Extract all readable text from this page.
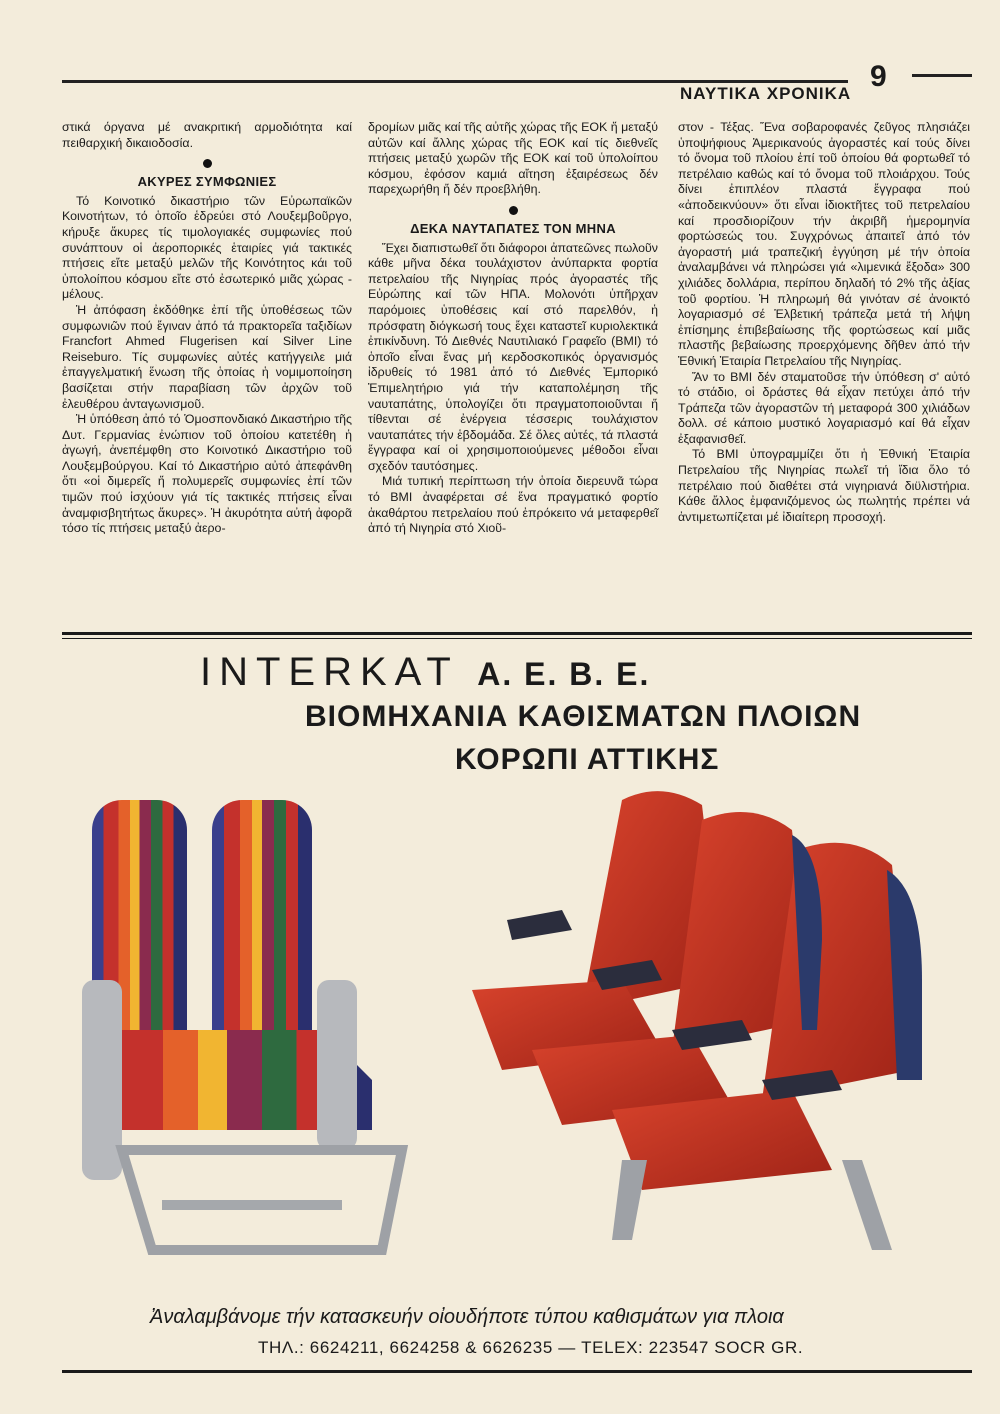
9
ΝΑΥΤΙΚΑ ΧΡΟΝΙΚΑ

στικά όργανα μέ ανακριτική αρμοδιότητα καί πειθαρχική δικαιοδοσία.

ΑΚΥΡΕΣ ΣΥΜΦΩΝΙΕΣ

Τό Κοινοτικό δικαστήριο τῶν Εὐρωπαϊκῶν Κοινοτήτων, τό ὁποῖο ἑδρεύει στό Λουξεμβοῦργο, κήρυξε ἄκυρες τίς τιμολογιακές συμφωνίες πού συνάπτουν οἱ ἀεροπορικές ἑταιρίες γιά τακτικές πτήσεις εἴτε μεταξύ μελῶν τῆς Κοινότητος κάι τοῦ ὑπολοίπου κόσμου εἴτε στό ἐσωτερικό μιᾶς χώρας - μέλους.

Ἡ ἀπόφαση ἐκδόθηκε ἐπί τῆς ὑποθέσεως τῶν συμφωνιῶν πού ἔγιναν ἀπό τά πρακτορεῖα ταξιδίων Francfort Ahmed Flugerisen καί Silver Line Reiseburo. Τίς συμφωνίες αὐτές κατήγγειλε μιά ἐπαγγελματική ἕνωση τῆς ὁποίας ἡ νομιμοποίηση βασίζεται στήν παραβίαση τῶν ἀρχῶν τοῦ ἐλευθέρου ἀνταγωνισμοῦ.

Ἡ ὑπόθεση ἀπό τό Ὁμοσπονδιακό Δικαστήριο τῆς Δυτ. Γερμανίας ἐνώπιον τοῦ ὁποίου κατετέθη ἡ ἀγωγή, ἀνεπέμφθη στο Κοινοτικό Δικαστήριο τοῦ Λουξεμβούργου. Καί τό Δικαστήριο αὐτό ἀπεφάνθη ὅτι «οἱ διμερεῖς ἤ πολυμερεῖς συμφωνίες ἐπί τῶν τιμῶν πού ἰσχύουν γιά τίς τακτικές πτήσεις εἶναι ἀναμφισβητήτως ἄκυρες». Ἡ ἀκυρότητα αὐτή ἀφορᾶ τόσο τίς πτήσεις μεταξύ ἀερο-

δρομίων μιᾶς καί τῆς αὐτῆς χώρας τῆς ΕΟΚ ἤ μεταξύ αὐτῶν καί ἄλλης χώρας τῆς ΕΟΚ καί τίς διεθνεῖς πτήσεις μεταξύ χωρῶν τῆς ΕΟΚ καί τοῦ ὑπολοίπου κόσμου, ἐφόσον καμιά αἴτηση ἐξαιρέσεως δέν παρεχωρήθη ἤ δέν προεβλήθη.

ΔΕΚΑ ΝΑΥΤΑΠΑΤΕΣ ΤΟΝ ΜΗΝΑ

Ἔχει διαπιστωθεῖ ὅτι διάφοροι ἀπατεῶνες πωλοῦν κάθε μῆνα δέκα τουλάχιστον ἀνύπαρκτα φορτία πετρελαίου τῆς Νιγηρίας πρός ἀγοραστές τῆς Εὐρώπης καί τῶν ΗΠΑ. Μολονότι ὑπῆρχαν παρόμοιες ὑποθέσεις καί στό παρελθόν, ἡ πρόσφατη διόγκωσή τους ἔχει καταστεῖ κυριολεκτικά ἐπικίνδυνη. Τό Διεθνές Ναυτιλιακό Γραφεῖο (BMI) τό ὁποῖο εἶναι ἕνας μή κερδοσκοπικός ὀργανισμός ἱδρυθείς τό 1981 ἀπό τό Διεθνές Ἐμπορικό Ἐπιμελητήριο γιά τήν καταπολέμηση τῆς ναυταπάτης, ὑπολογίζει ὅτι πραγματοποιοῦνται ἤ τίθενται σέ ἐνέργεια τέσσερις τουλάχιστον ναυταπάτες τήν ἑβδομάδα. Σέ ὅλες αὐτές, τά πλαστά ἔγγραφα καί οἱ χρησιμοποιούμενες μέθοδοι εἶναι σχεδόν ταυτόσημες.

Μιά τυπική περίπτωση τήν ὁποία διερευνᾶ τώρα τό BMI ἀναφέρεται σέ ἕνα πραγματικό φορτίο ἀκαθάρτου πετρελαίου πού ἐπρόκειτο νά μεταφερθεῖ ἀπό τή Νιγηρία στό Χιοῦ-

στον - Τέξας. Ἕνα σοβαροφανές ζεῦγος πλησιάζει ὑποψήφιους Ἀμερικανούς ἀγοραστές καί τούς δίνει τό ὄνομα τοῦ πλοίου ἐπί τοῦ ὁποίου θά φορτωθεῖ τό πετρέλαιο καθώς καί τό ὄνομα τοῦ πλοιάρχου. Τούς δίνει ἐπιπλέον πλαστά ἔγγραφα πού «ἀποδεικνύουν» ὅτι εἶναι ἰδιοκτῆτες τοῦ πετρελαίου καί προσδιορίζουν τήν ἀκριβῆ ἡμερομηνία φορτώσεώς του. Συγχρόνως ἀπαιτεῖ ἀπό τόν ἀγοραστή μιά τραπεζική ἐγγύηση μέ τήν ὁποία ἀναλαμβάνει νά πληρώσει γιά «λιμενικά ἔξοδα» 300 χιλιάδες δολλάρια, περίπου δηλαδή τό 2% τῆς ἀξίας τοῦ φορτίου. Ἡ πληρωμή θά γινόταν σέ ἀνοικτό λογαριασμό σέ Ἑλβετική τράπεζα μετά τή λήψη ἐπίσημης ἐπιβεβαίωσης τῆς φορτώσεως καί μιᾶς πλαστῆς βεβαίωσης προερχόμενης δῆθεν ἀπό τήν Ἐθνική Ἑταιρία Πετρελαίου τῆς Νιγηρίας.

Ἄν το BMI δέν σταματοῦσε τήν ὑπόθεση σ' αὐτό τό στάδιο, οἱ δράστες θά εἶχαν πετύχει ἀπό τήν Τράπεζα τῶν ἀγοραστῶν τή μεταφορά 300 χιλιάδων δολλ. σέ κάποιο μυστικό λογαριασμό καί θά εἶχαν ἐξαφανισθεῖ.

Τό BMI ὑπογραμμίζει ὅτι ἡ Ἐθνική Ἑταιρία Πετρελαίου τῆς Νιγηρίας πωλεῖ τή ἴδια ὅλο τό πετρέλαιο πού διαθέτει στά νιγηριανά διϋλιστήρια. Κάθε ἄλλος ἐμφανιζόμενος ὡς πωλητής πρέπει νά ἀντιμετωπίζεται μέ ἰδιαίτερη προσοχή.

INTERKAT Α. Ε. Β. Ε.
ΒΙΟΜΗΧΑΝΙΑ ΚΑΘΙΣΜΑΤΩΝ ΠΛΟΙΩΝ
ΚΟΡΩΠΙ ΑΤΤΙΚΗΣ
Ἀναλαμβάνομε τήν κατασκευήν οἰουδήποτε τύπου καθισμάτων για πλοια
ΤΗΛ.: 6624211, 6624258 & 6626235 — TELEX: 223547 SOCR GR.
